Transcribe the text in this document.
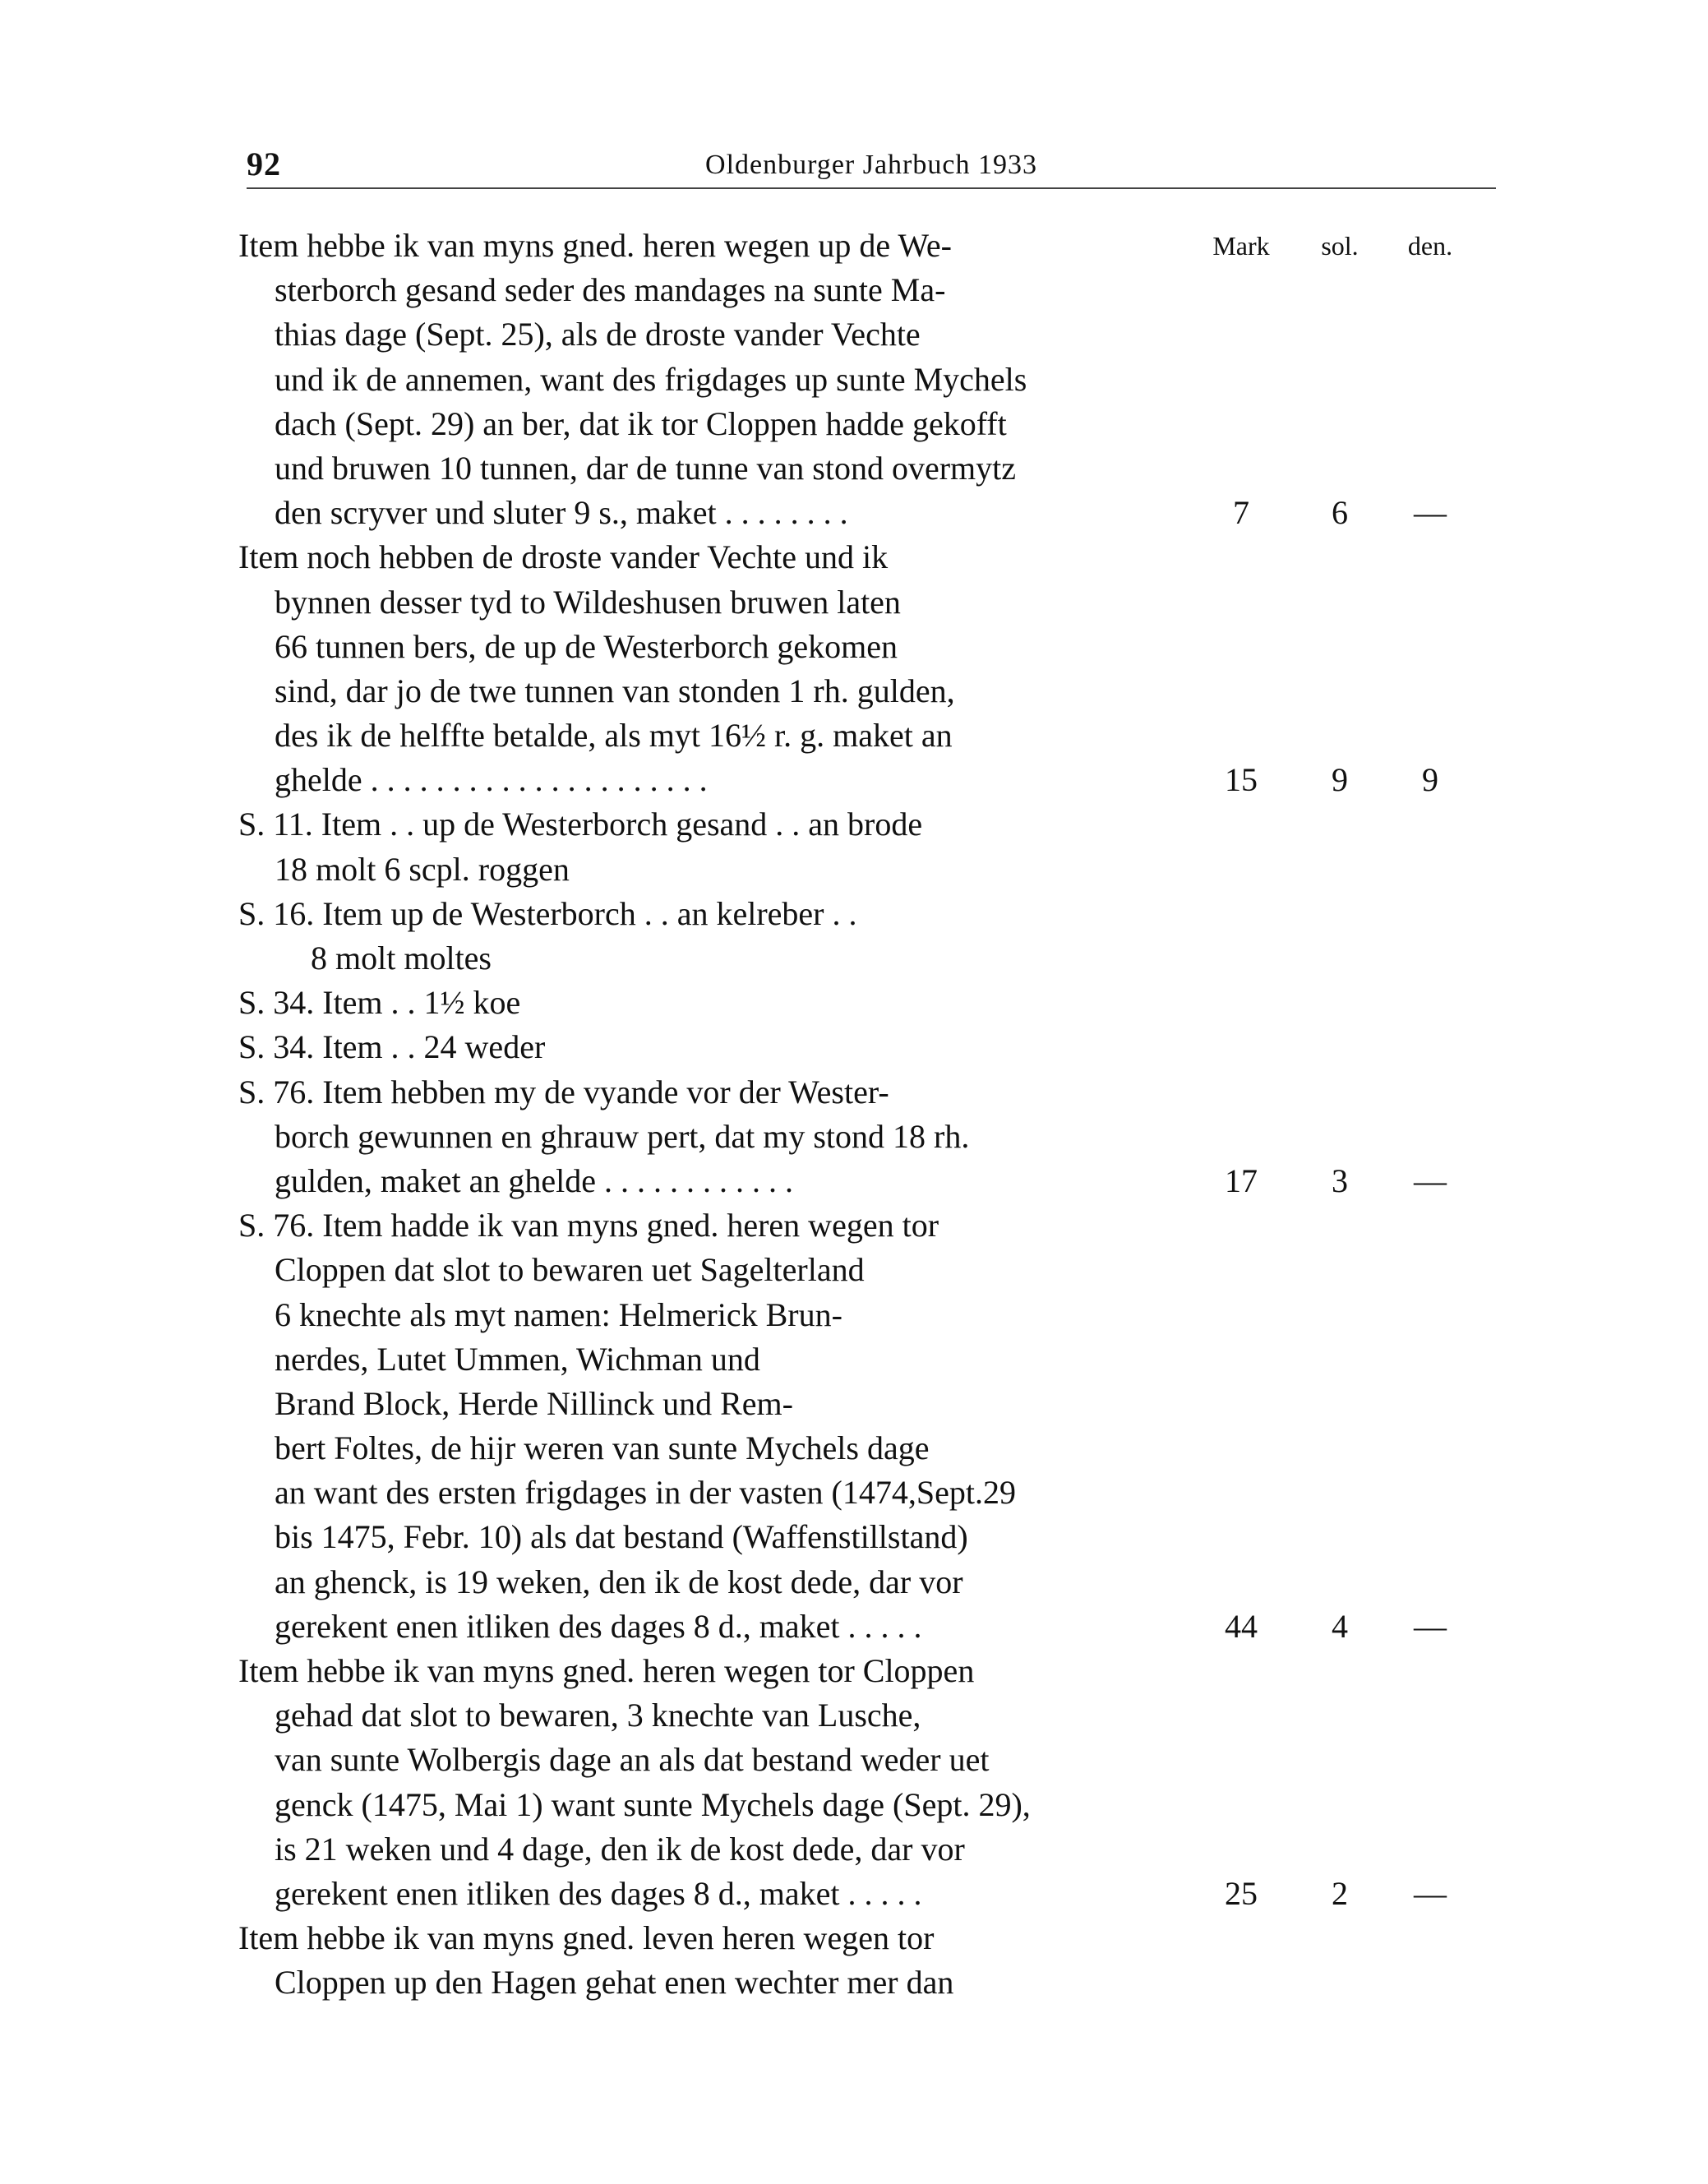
92	Oldenburger Jahrbuch 1933
Item hebbe ik van myns gned. heren wegen up de We-	Mark	sol.	den.
sterborch gesand seder des mandages na sunte Ma-
thias dage (Sept. 25), als de droste vander Vechte
und ik de annemen, want des frigdages up sunte Mychels
dach (Sept. 29) an ber, dat ik tor Cloppen hadde gekofft
und bruwen 10 tunnen, dar de tunne van stond overmytz
den scryver und sluter 9 s., maket . . . . . . . .	7	6	—
Item noch hebben de droste vander Vechte und ik
bynnen desser tyd to Wildeshusen bruwen laten
66 tunnen bers, de up de Westerborch gekomen
sind, dar jo de twe tunnen van stonden 1 rh. gulden,
des ik de helffte betalde, als myt 16½ r. g. maket an
ghelde . . . . . . . . . . . . . . . . . . . . .	15	9	9
S. 11. Item . . up de Westerborch gesand . . an brode
18 molt 6 scpl. roggen
S. 16. Item up de Westerborch . . an kelreber . .
8 molt moltes
S. 34. Item . . 1½ koe
S. 34. Item . . 24 weder
S. 76. Item hebben my de vyande vor der Wester-
borch gewunnen en ghrauw pert, dat my stond 18 rh.
gulden, maket an ghelde . . . . . . . . . . . .	17	3	—
S. 76. Item hadde ik van myns gned. heren wegen tor
Cloppen dat slot to bewaren uet Sagelterland
6 knechte als myt namen: Helmerick Brun-
nerdes, Lutet Ummen, Wichman und
Brand Block, Herde Nillinck und Rem-
bert Foltes, de hijr weren van sunte Mychels dage
an want des ersten frigdages in der vasten (1474,Sept.29
bis 1475, Febr. 10) als dat bestand (Waffenstillstand)
an ghenck, is 19 weken, den ik de kost dede, dar vor
gerekent enen itliken des dages 8 d., maket . . . . .	44	4	—
Item hebbe ik van myns gned. heren wegen tor Cloppen
gehad dat slot to bewaren, 3 knechte van Lusche,
van sunte Wolbergis dage an als dat bestand weder uet
genck (1475, Mai 1) want sunte Mychels dage (Sept. 29),
is 21 weken und 4 dage, den ik de kost dede, dar vor
gerekent enen itliken des dages 8 d., maket . . . . .	25	2	—
Item hebbe ik van myns gned. leven heren wegen tor
Cloppen up den Hagen gehat enen wechter mer dan
